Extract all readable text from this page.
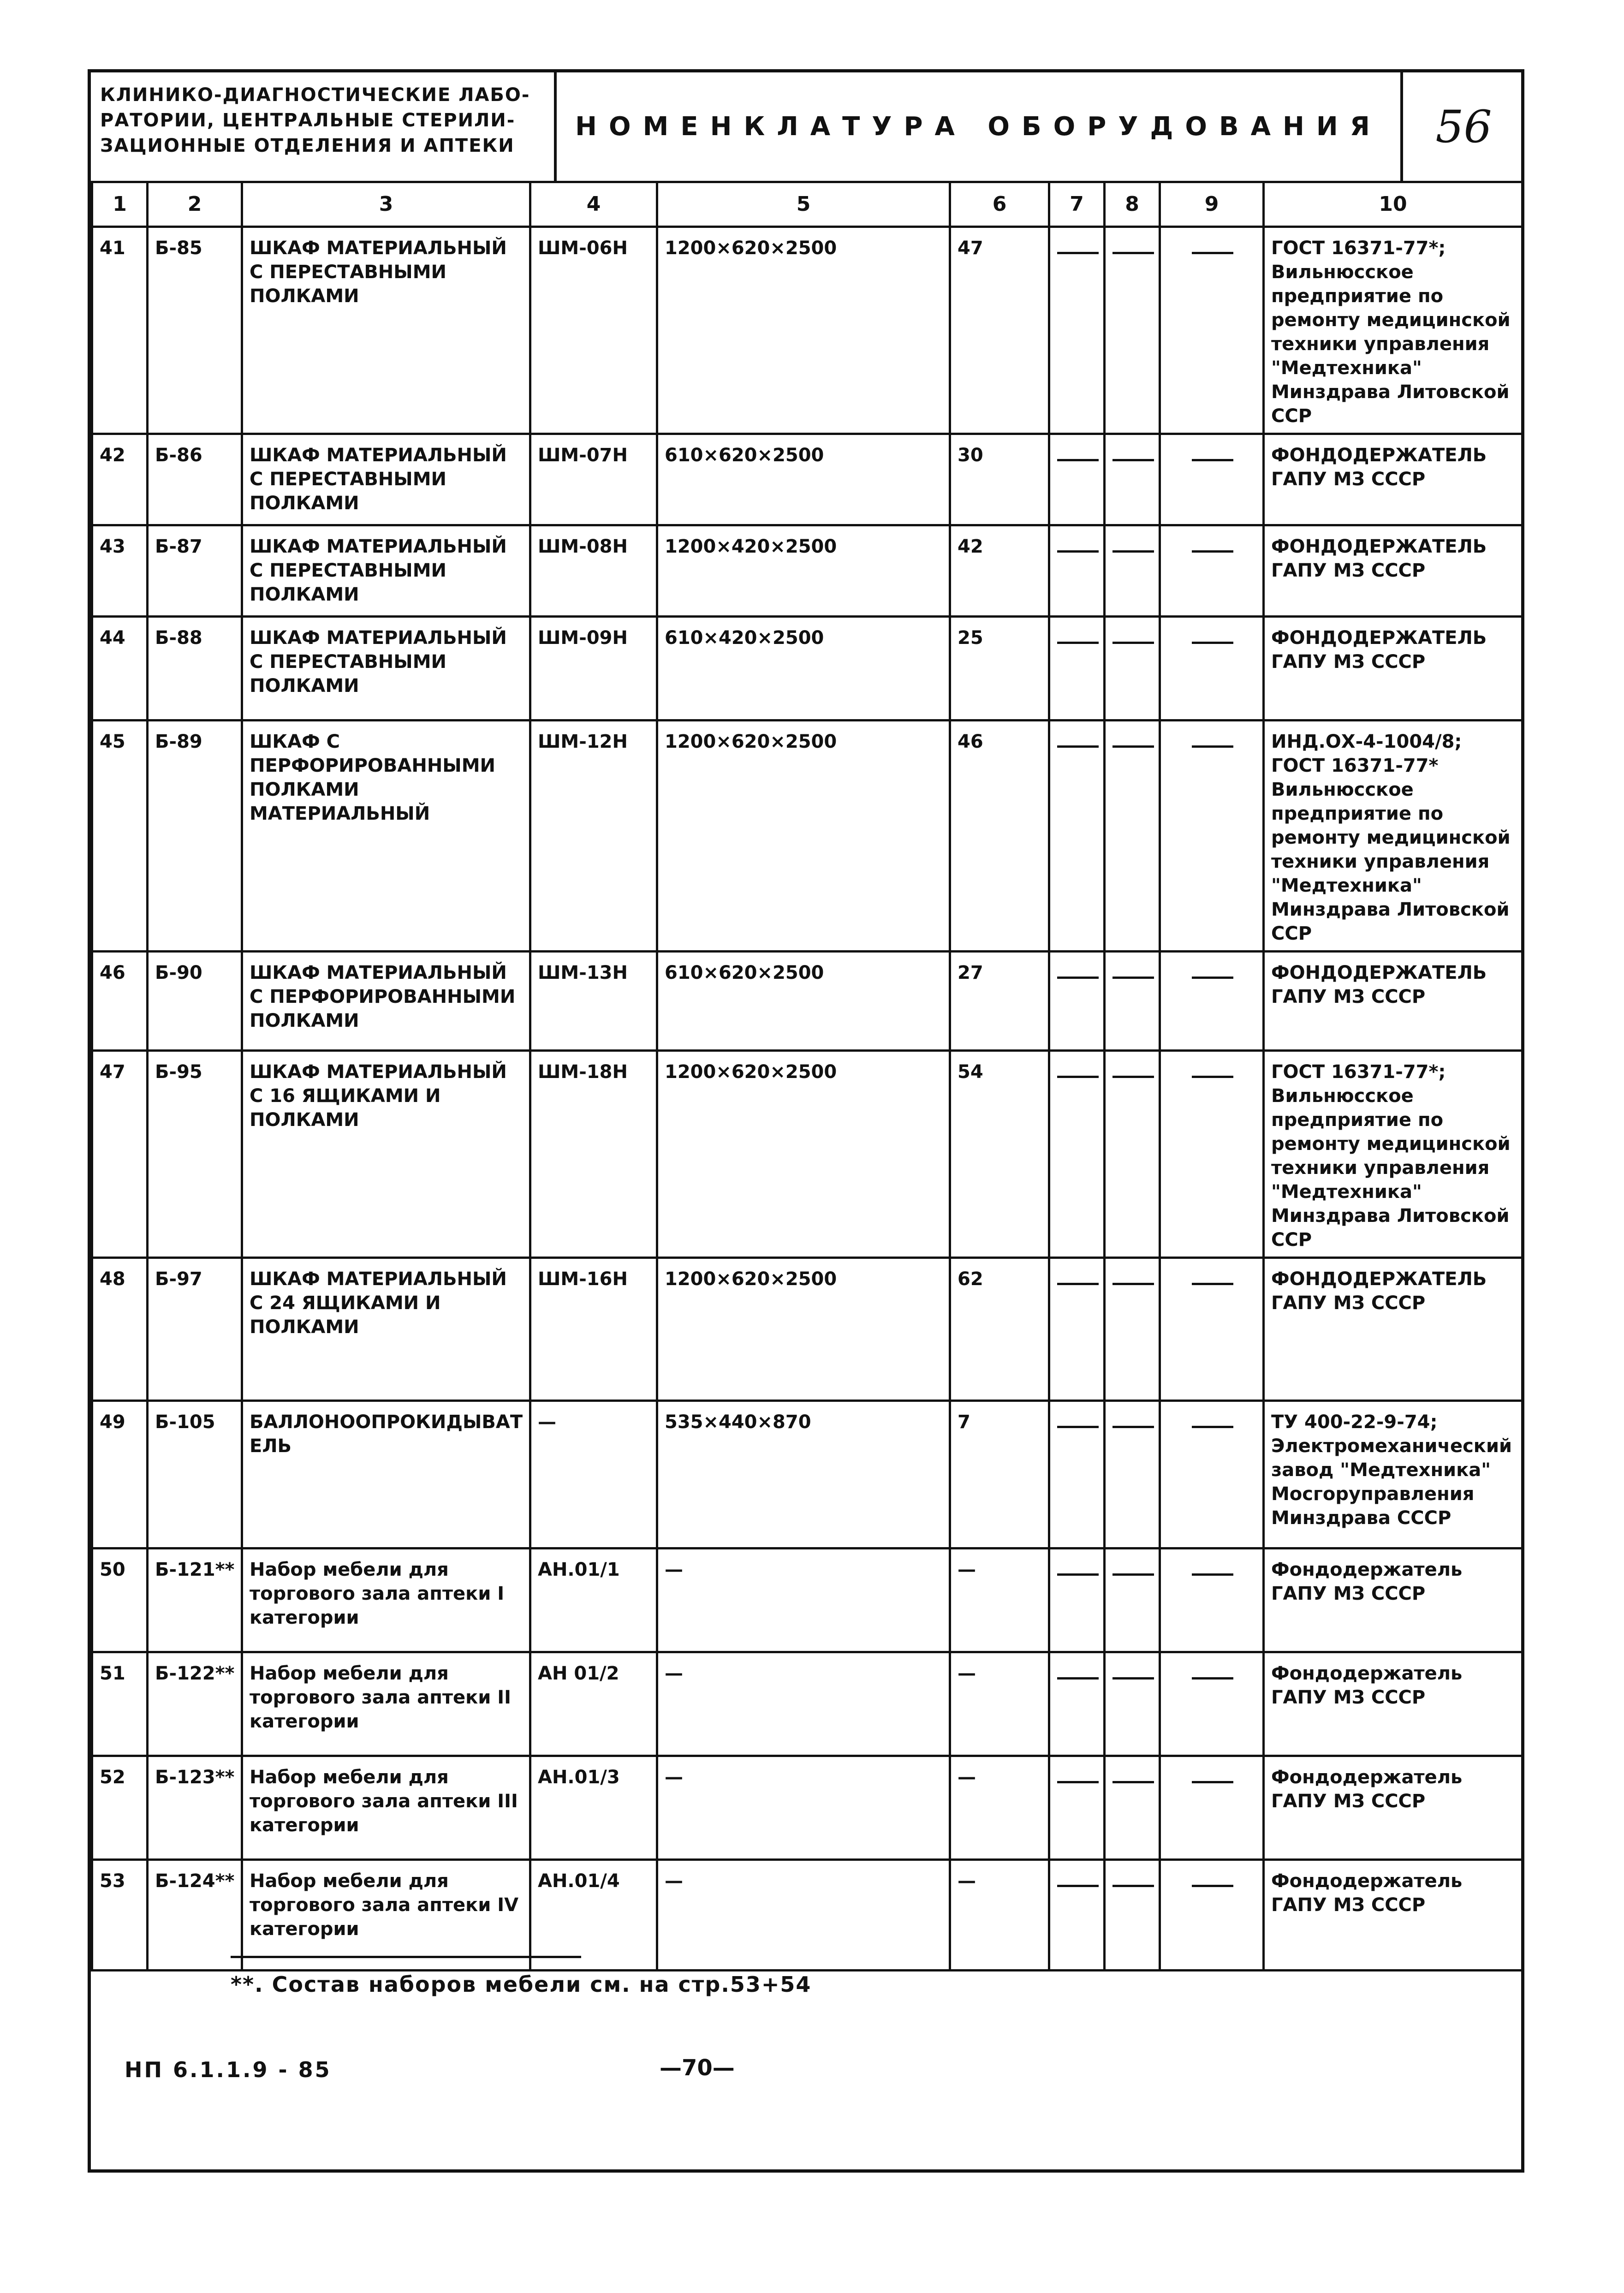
КЛИНИКО-ДИАГНОСТИЧЕСКИЕ ЛАБО-
РАТОРИИ, ЦЕНТРАЛЬНЫЕ СТЕРИЛИ-
ЗАЦИОННЫЕ ОТДЕЛЕНИЯ И АПТЕКИ
НОМЕНКЛАТУРА ОБОРУДОВАНИЯ	56
1	2	3	4	5	6	7	8	9	10
41	Б-85	ШКАФ МАТЕРИАЛЬНЫЙ С ПЕРЕСТАВНЫМИ ПОЛКАМИ	ШМ-06Н	1200×620×2500	47				ГОСТ 16371-77*; Вильнюсское предприятие по ремонту медицинской техники управления "Медтехника" Минздрава Литовской ССР
42	Б-86	ШКАФ МАТЕРИАЛЬНЫЙ С ПЕРЕСТАВНЫМИ ПОЛКАМИ	ШМ-07Н	610×620×2500	30				ФОНДОДЕРЖАТЕЛЬ ГАПУ МЗ СССР
43	Б-87	ШКАФ МАТЕРИАЛЬНЫЙ С ПЕРЕСТАВНЫМИ ПОЛКАМИ	ШМ-08Н	1200×420×2500	42				ФОНДОДЕРЖАТЕЛЬ ГАПУ МЗ СССР
44	Б-88	ШКАФ МАТЕРИАЛЬНЫЙ С ПЕРЕСТАВНЫМИ ПОЛКАМИ	ШМ-09Н	610×420×2500	25				ФОНДОДЕРЖАТЕЛЬ ГАПУ МЗ СССР
45	Б-89	ШКАФ С ПЕРФОРИРОВАННЫМИ ПОЛКАМИ МАТЕРИАЛЬНЫЙ	ШМ-12Н	1200×620×2500	46				ИНД.ОХ-4-1004/8; ГОСТ 16371-77* Вильнюсское предприятие по ремонту медицинской техники управления "Медтехника" Минздрава Литовской ССР
46	Б-90	ШКАФ МАТЕРИАЛЬНЫЙ С ПЕРФОРИРОВАННЫМИ ПОЛКАМИ	ШМ-13Н	610×620×2500	27				ФОНДОДЕРЖАТЕЛЬ ГАПУ МЗ СССР
47	Б-95	ШКАФ МАТЕРИАЛЬНЫЙ С 16 ЯЩИКАМИ И ПОЛКАМИ	ШМ-18Н	1200×620×2500	54				ГОСТ 16371-77*; Вильнюсское предприятие по ремонту медицинской техники управления "Медтехника" Минздрава Литовской ССР
48	Б-97	ШКАФ МАТЕРИАЛЬНЫЙ С 24 ЯЩИКАМИ И ПОЛКАМИ	ШМ-16Н	1200×620×2500	62				ФОНДОДЕРЖАТЕЛЬ ГАПУ МЗ СССР
49	Б-105	БАЛЛОНООПРОКИДЫВАТЕЛЬ	—	535×440×870	7				ТУ 400-22-9-74; Электромеханический завод "Медтехника" Мосгорупрaвления Минздрава СССР
50	Б-121**	Набор мебели для торгового зала аптеки I категории	АН.01/1	—	—				Фондодержатель ГАПУ МЗ СССР
51	Б-122**	Набор мебели для торгового зала аптеки II категории	АН 01/2	—	—				Фондодержатель ГАПУ МЗ СССР
52	Б-123**	Набор мебели для торгового зала аптеки III категории	АН.01/3	—	—				Фондодержатель ГАПУ МЗ СССР
53	Б-124**	Набор мебели для торгового зала аптеки IV категории	АН.01/4	—	—				Фондодержатель ГАПУ МЗ СССР
**. Состав наборов мебели см. на стр.53+54
НП 6.1.1.9 - 85	—70—
